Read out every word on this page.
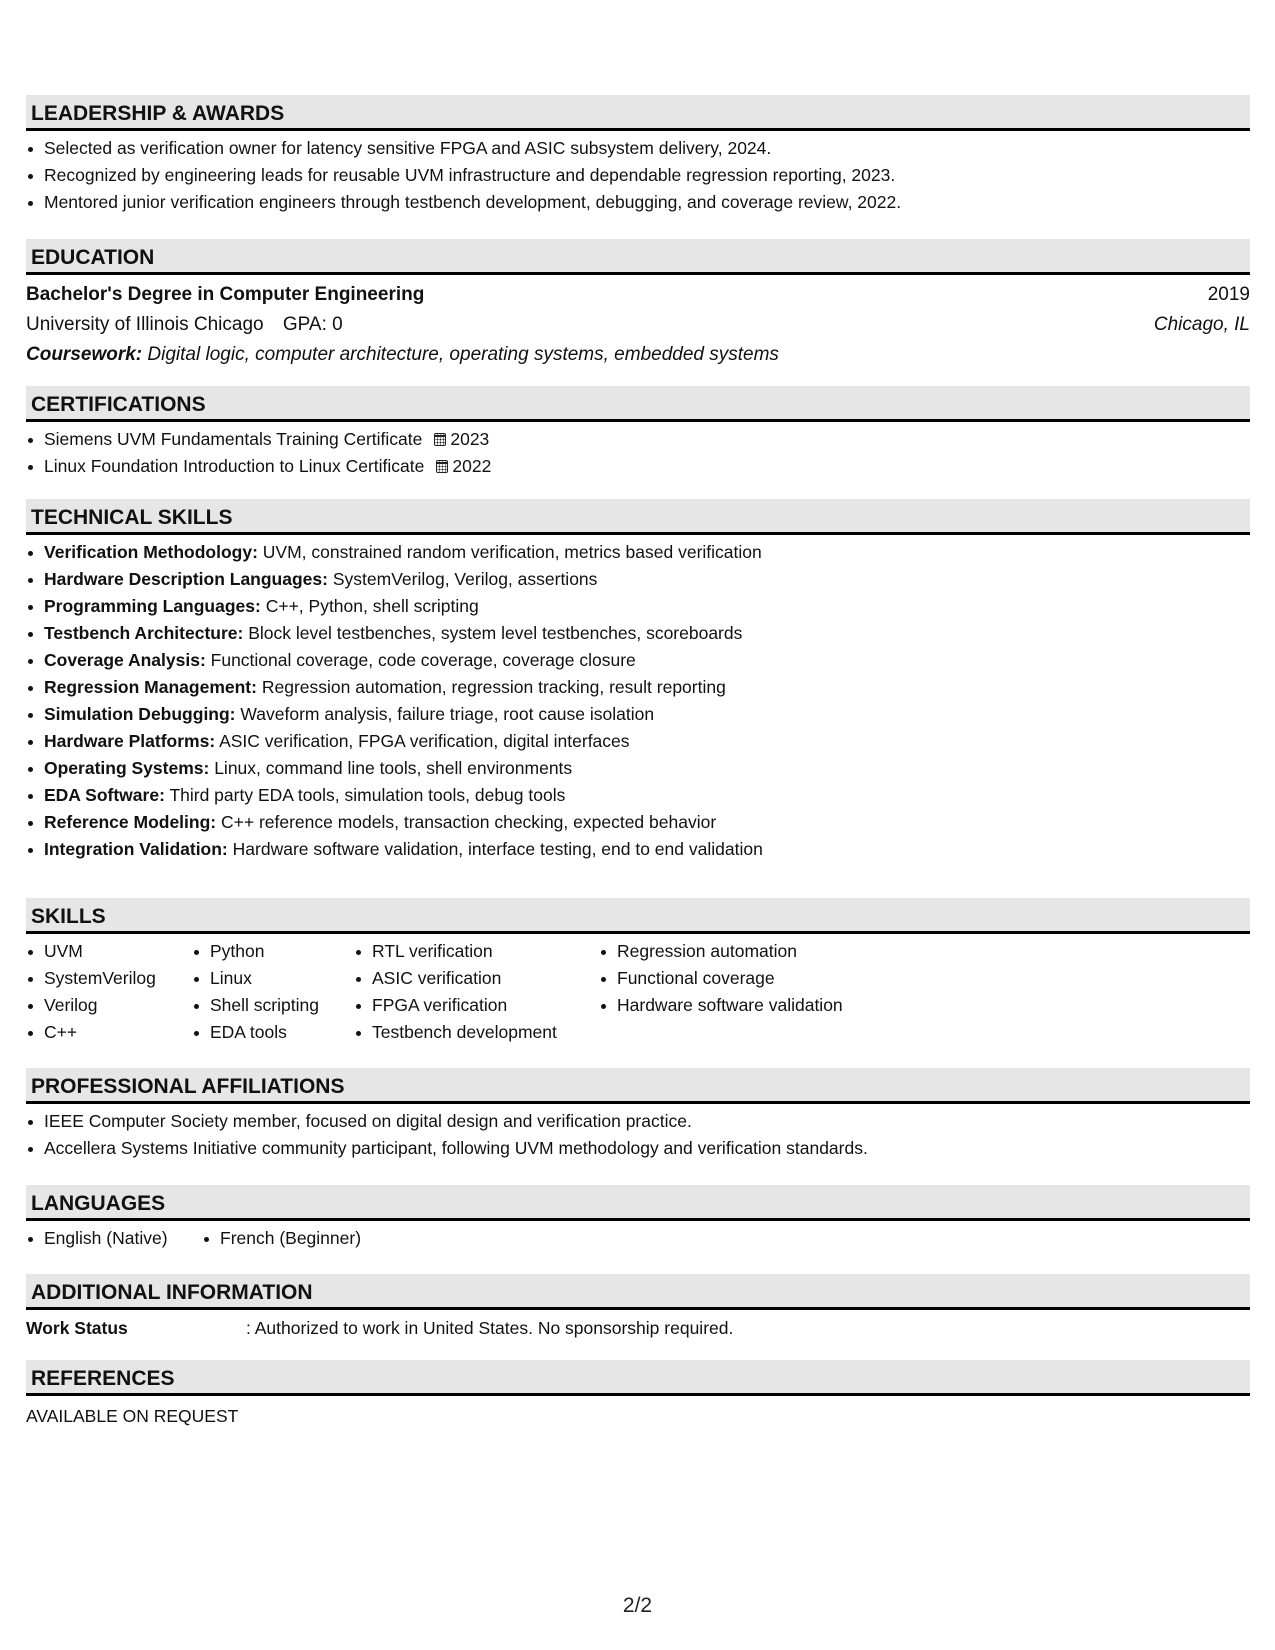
LEADERSHIP & AWARDS
Selected as verification owner for latency sensitive FPGA and ASIC subsystem delivery, 2024.
Recognized by engineering leads for reusable UVM infrastructure and dependable regression reporting, 2023.
Mentored junior verification engineers through testbench development, debugging, and coverage review, 2022.
EDUCATION
Bachelor's Degree in Computer Engineering	2019
University of Illinois Chicago GPA: 0	Chicago, IL
Coursework: Digital logic, computer architecture, operating systems, embedded systems
CERTIFICATIONS
Siemens UVM Fundamentals Training Certificate 2023
Linux Foundation Introduction to Linux Certificate 2022
TECHNICAL SKILLS
Verification Methodology: UVM, constrained random verification, metrics based verification
Hardware Description Languages: SystemVerilog, Verilog, assertions
Programming Languages: C++, Python, shell scripting
Testbench Architecture: Block level testbenches, system level testbenches, scoreboards
Coverage Analysis: Functional coverage, code coverage, coverage closure
Regression Management: Regression automation, regression tracking, result reporting
Simulation Debugging: Waveform analysis, failure triage, root cause isolation
Hardware Platforms: ASIC verification, FPGA verification, digital interfaces
Operating Systems: Linux, command line tools, shell environments
EDA Software: Third party EDA tools, simulation tools, debug tools
Reference Modeling: C++ reference models, transaction checking, expected behavior
Integration Validation: Hardware software validation, interface testing, end to end validation
SKILLS
UVM
SystemVerilog
Verilog
C++
Python
Linux
Shell scripting
EDA tools
RTL verification
ASIC verification
FPGA verification
Testbench development
Regression automation
Functional coverage
Hardware software validation
PROFESSIONAL AFFILIATIONS
IEEE Computer Society member, focused on digital design and verification practice.
Accellera Systems Initiative community participant, following UVM methodology and verification standards.
LANGUAGES
English (Native)	French (Beginner)
ADDITIONAL INFORMATION
Work Status	: Authorized to work in United States. No sponsorship required.
REFERENCES
AVAILABLE ON REQUEST
2/2
